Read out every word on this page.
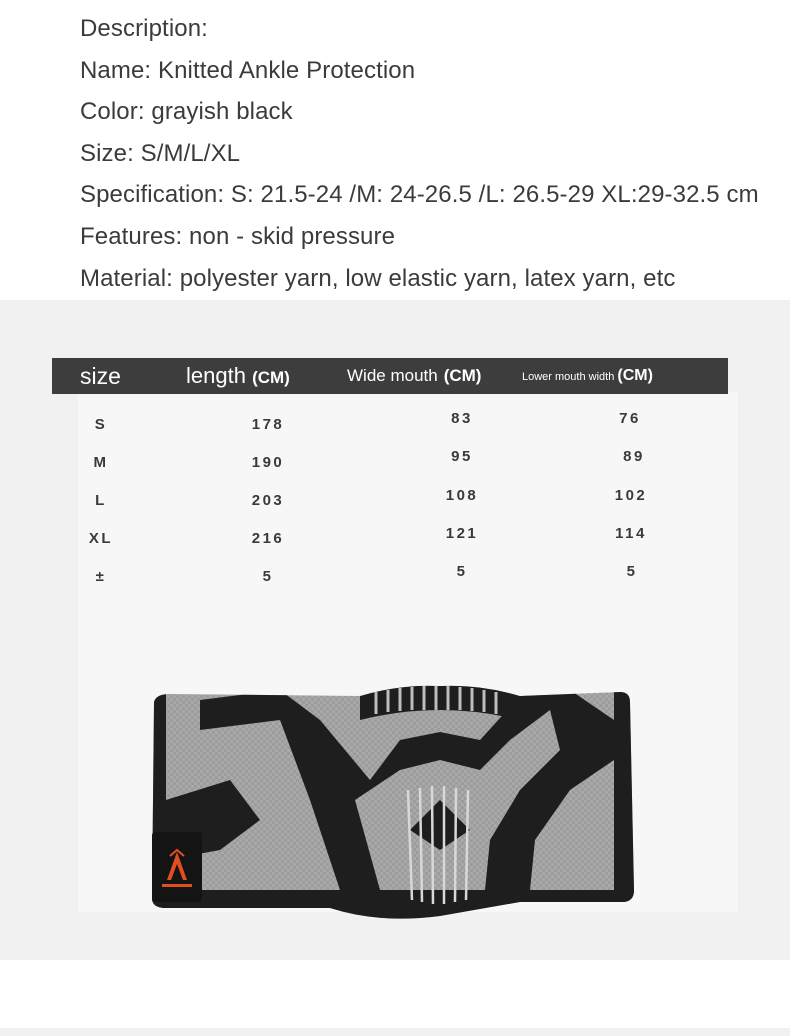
Description:
Name: Knitted Ankle Protection
Color: grayish black
Size: S/M/L/XL
Specification: S: 21.5-24 /M: 24-26.5 /L: 26.5-29 XL:29-32.5 cm
Features: non - skid pressure
Material: polyester yarn, low elastic yarn, latex yarn, etc
size	length (CM)	Wide mouth (CM)	Lower mouth width (CM)
S	178	83	76
M	190	95	89
L	203	108	102
XL	216	121	114
±	5	5	5
